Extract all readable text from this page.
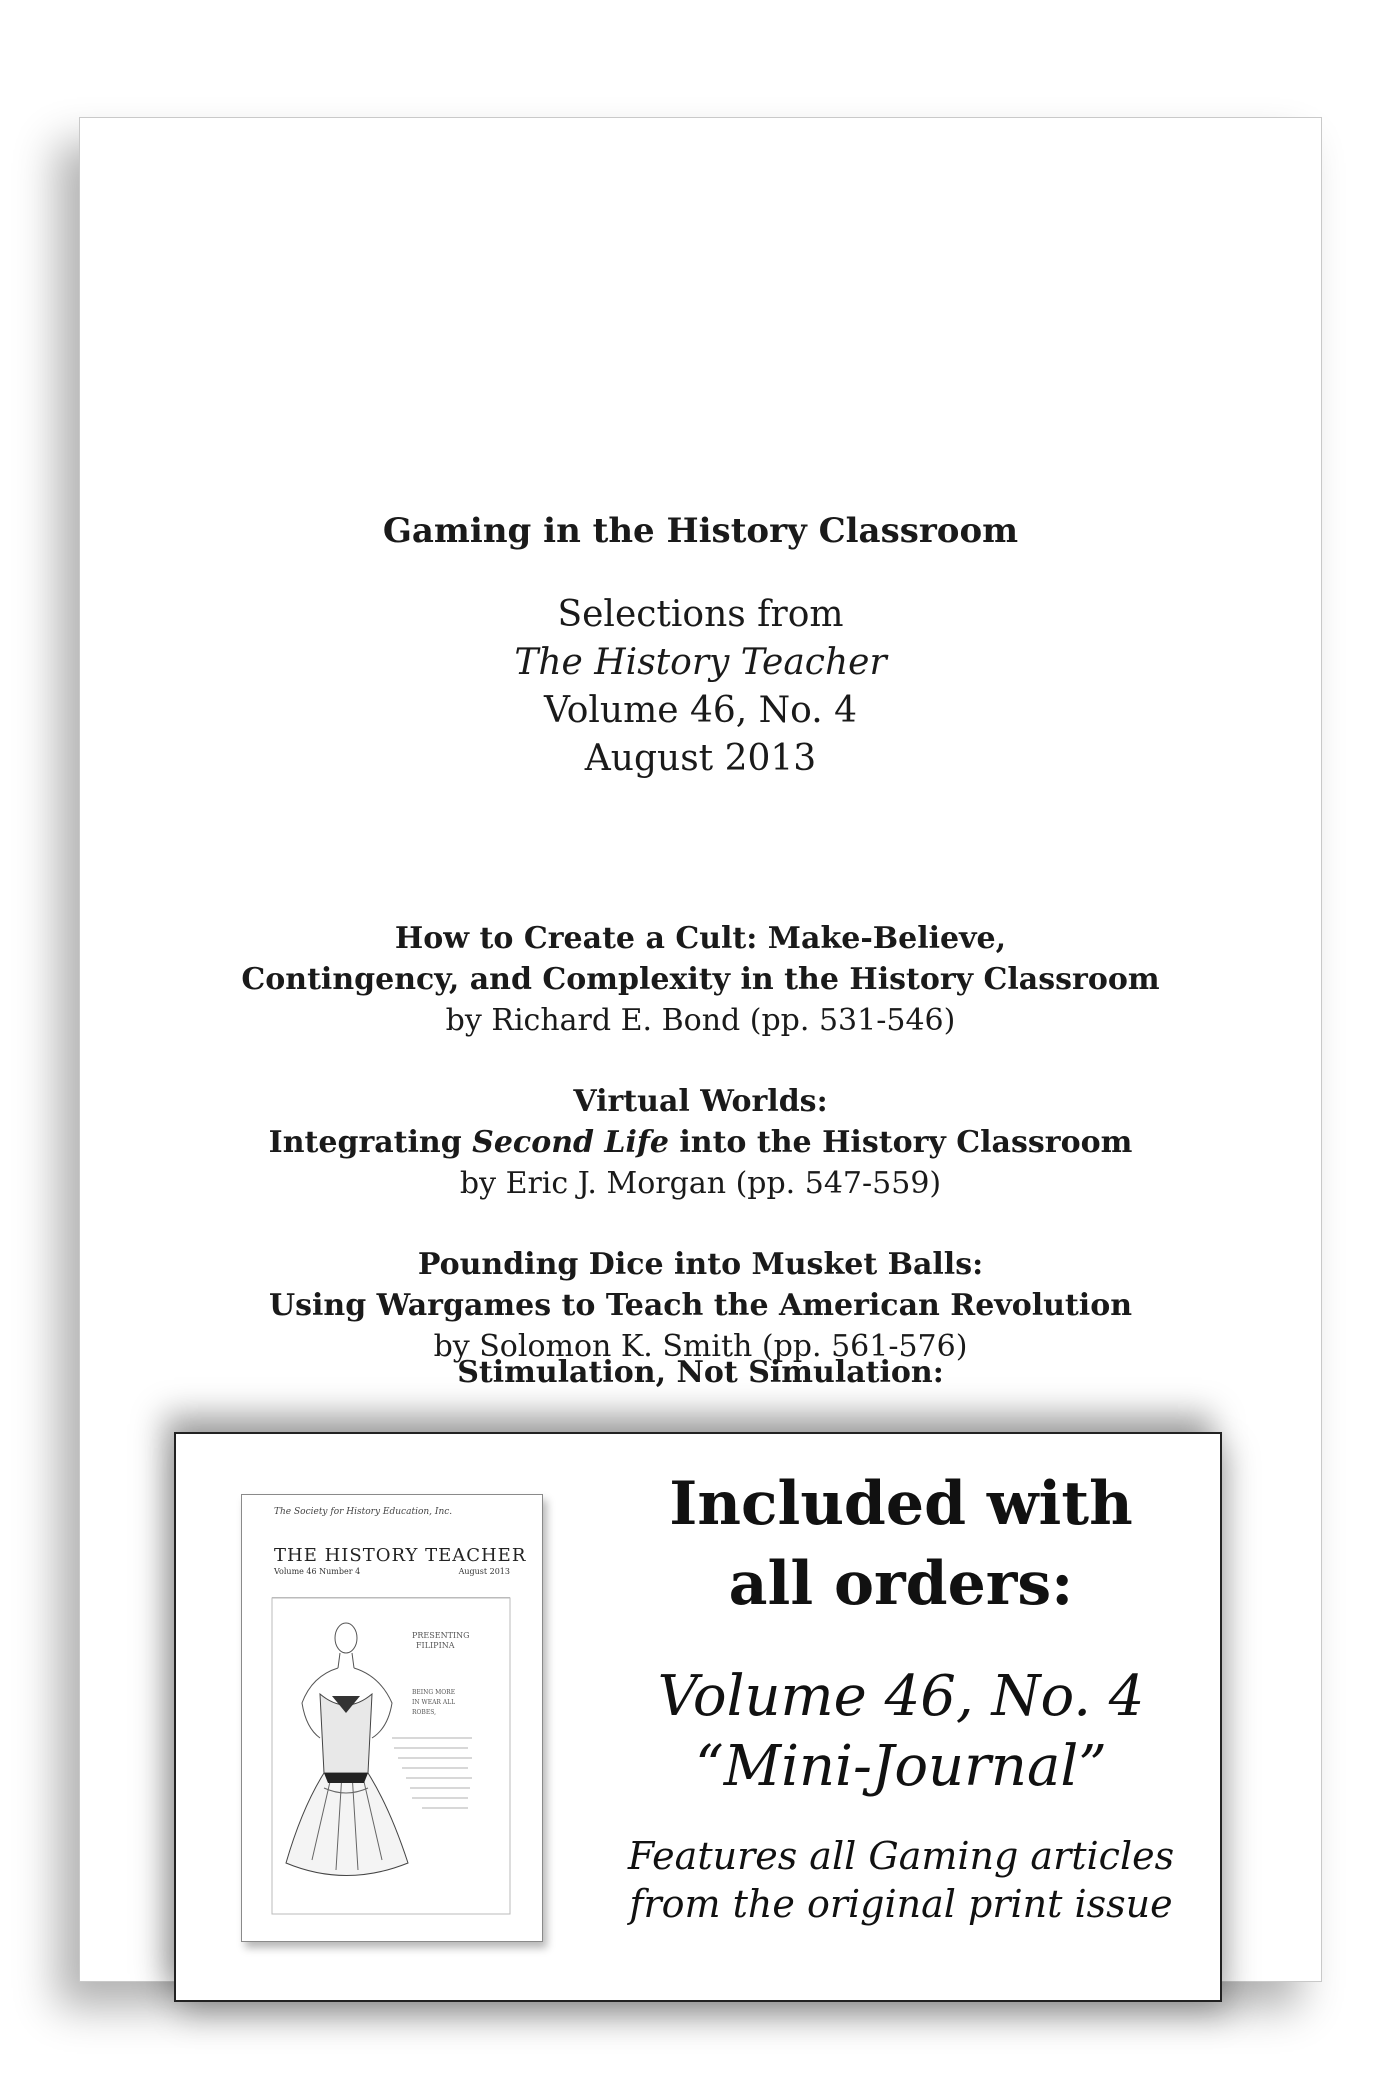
Gaming in the History Classroom
Selections from
The History Teacher
Volume 46, No. 4
August 2013
How to Create a Cult: Make-Believe,
Contingency, and Complexity in the History Classroom
by Richard E. Bond (pp. 531-546)
Virtual Worlds:
Integrating Second Life into the History Classroom
by Eric J. Morgan (pp. 547-559)
Pounding Dice into Musket Balls:
Using Wargames to Teach the American Revolution
by Solomon K. Smith (pp. 561-576)
Stimulation, Not Simulation:
The Society for History Education, Inc.
THE HISTORY TEACHER
Volume 46 Number 4	August 2013
PRESENTING
FILIPINA
BEING MORE
IN WEAR ALL
ROBES,
Included with
all orders:
Volume 46, No. 4
“Mini-Journal”
Features all Gaming articles
from the original print issue
